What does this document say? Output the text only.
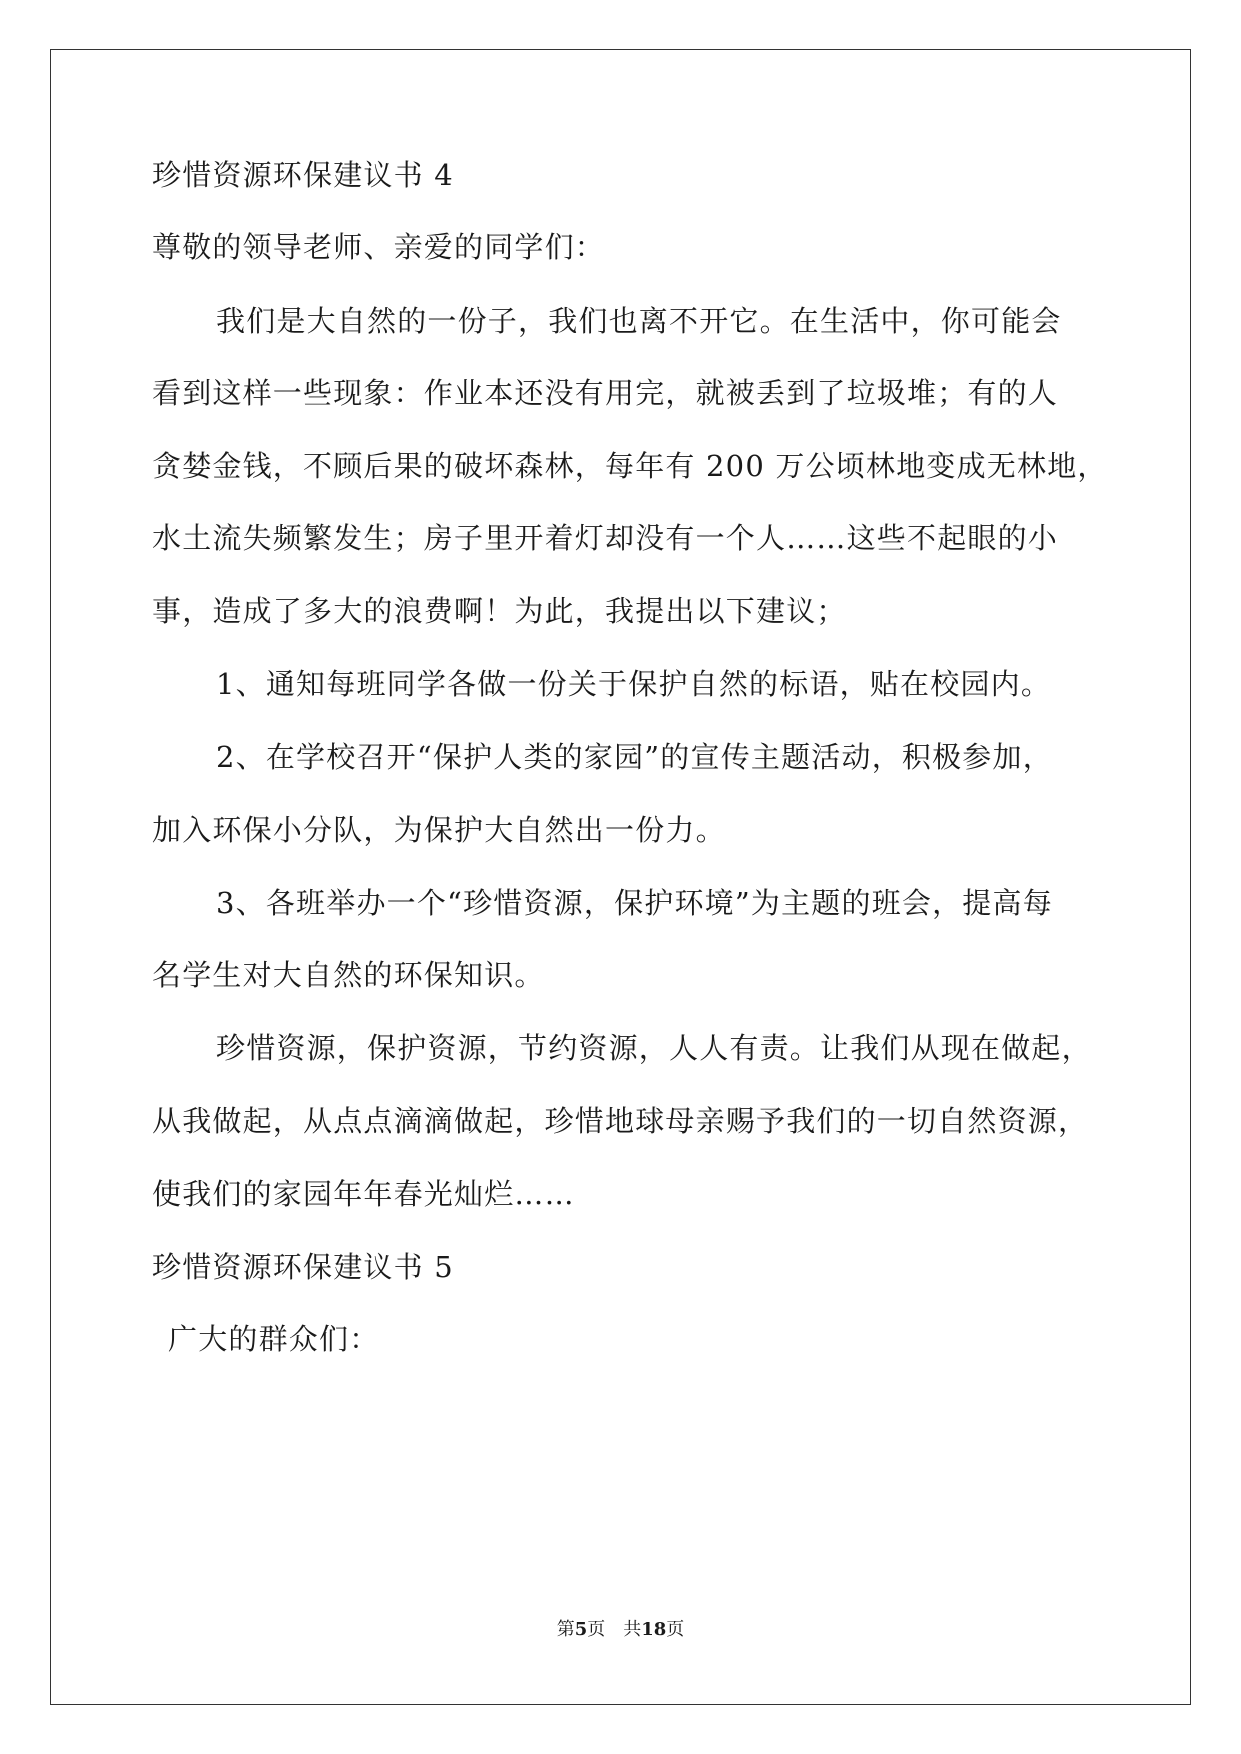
珍惜资源环保建议书 4
尊敬的领导老师、亲爱的同学们：
我们是大自然的一份子，我们也离不开它。在生活中，你可能会
看到这样一些现象：作业本还没有用完，就被丢到了垃圾堆；有的人
贪婪金钱，不顾后果的破坏森林，每年有 200 万公顷林地变成无林地，
水土流失频繁发生；房子里开着灯却没有一个人……这些不起眼的小
事，造成了多大的浪费啊！为此，我提出以下建议；
1、通知每班同学各做一份关于保护自然的标语，贴在校园内。
2、在学校召开“保护人类的家园”的宣传主题活动，积极参加，
加入环保小分队，为保护大自然出一份力。
3、各班举办一个“珍惜资源，保护环境”为主题的班会，提高每
名学生对大自然的环保知识。
珍惜资源，保护资源，节约资源，人人有责。让我们从现在做起，
从我做起，从点点滴滴做起，珍惜地球母亲赐予我们的一切自然资源，
使我们的家园年年春光灿烂……
珍惜资源环保建议书 5
广大的群众们：
第5页 共18页
